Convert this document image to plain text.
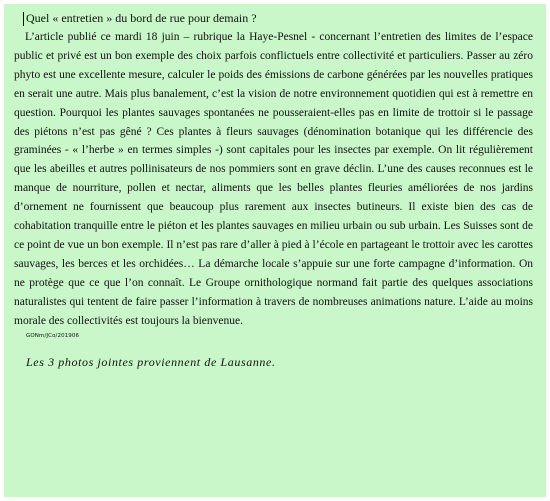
Quel « entretien » du bord de rue pour demain ?

L’article publié ce mardi 18 juin – rubrique la Haye-Pesnel - concernant l’entretien des limites de l’espace public et privé est un bon exemple des choix parfois conflictuels entre collectivité et particuliers. Passer au zéro phyto est une excellente mesure, calculer le poids des émissions de carbone générées par les nouvelles pratiques en serait une autre. Mais plus banalement, c’est la vision de notre environnement quotidien qui est à remettre en question. Pourquoi les plantes sauvages spontanées ne pousseraient-elles pas en limite de trottoir si le passage des piétons n’est pas gêné ? Ces plantes à fleurs sauvages (dénomination botanique qui les différencie des graminées - « l’herbe » en termes simples -) sont capitales pour les insectes par exemple. On lit régulièrement que les abeilles et autres pollinisateurs de nos pommiers sont en grave déclin. L’une des causes reconnues est le manque de nourriture, pollen et nectar, aliments que les belles plantes fleuries améliorées de nos jardins d’ornement ne fournissent que beaucoup plus rarement aux insectes butineurs. Il existe bien des cas de cohabitation tranquille entre le piéton et les plantes sauvages en milieu urbain ou sub urbain. Les Suisses sont de ce point de vue un bon exemple. Il n’est pas rare d’aller à pied à l’école en partageant le trottoir avec les carottes sauvages, les berces et les orchidées… La démarche locale s’appuie sur une forte campagne d’information. On ne protège que ce que l’on connaît. Le Groupe ornithologique normand fait partie des quelques associations naturalistes qui tentent de faire passer l’information à travers de nombreuses animations nature. L’aide au moins morale des collectivités est toujours la bienvenue.

GONm/JCo/201906
Les 3 photos jointes proviennent de Lausanne.
